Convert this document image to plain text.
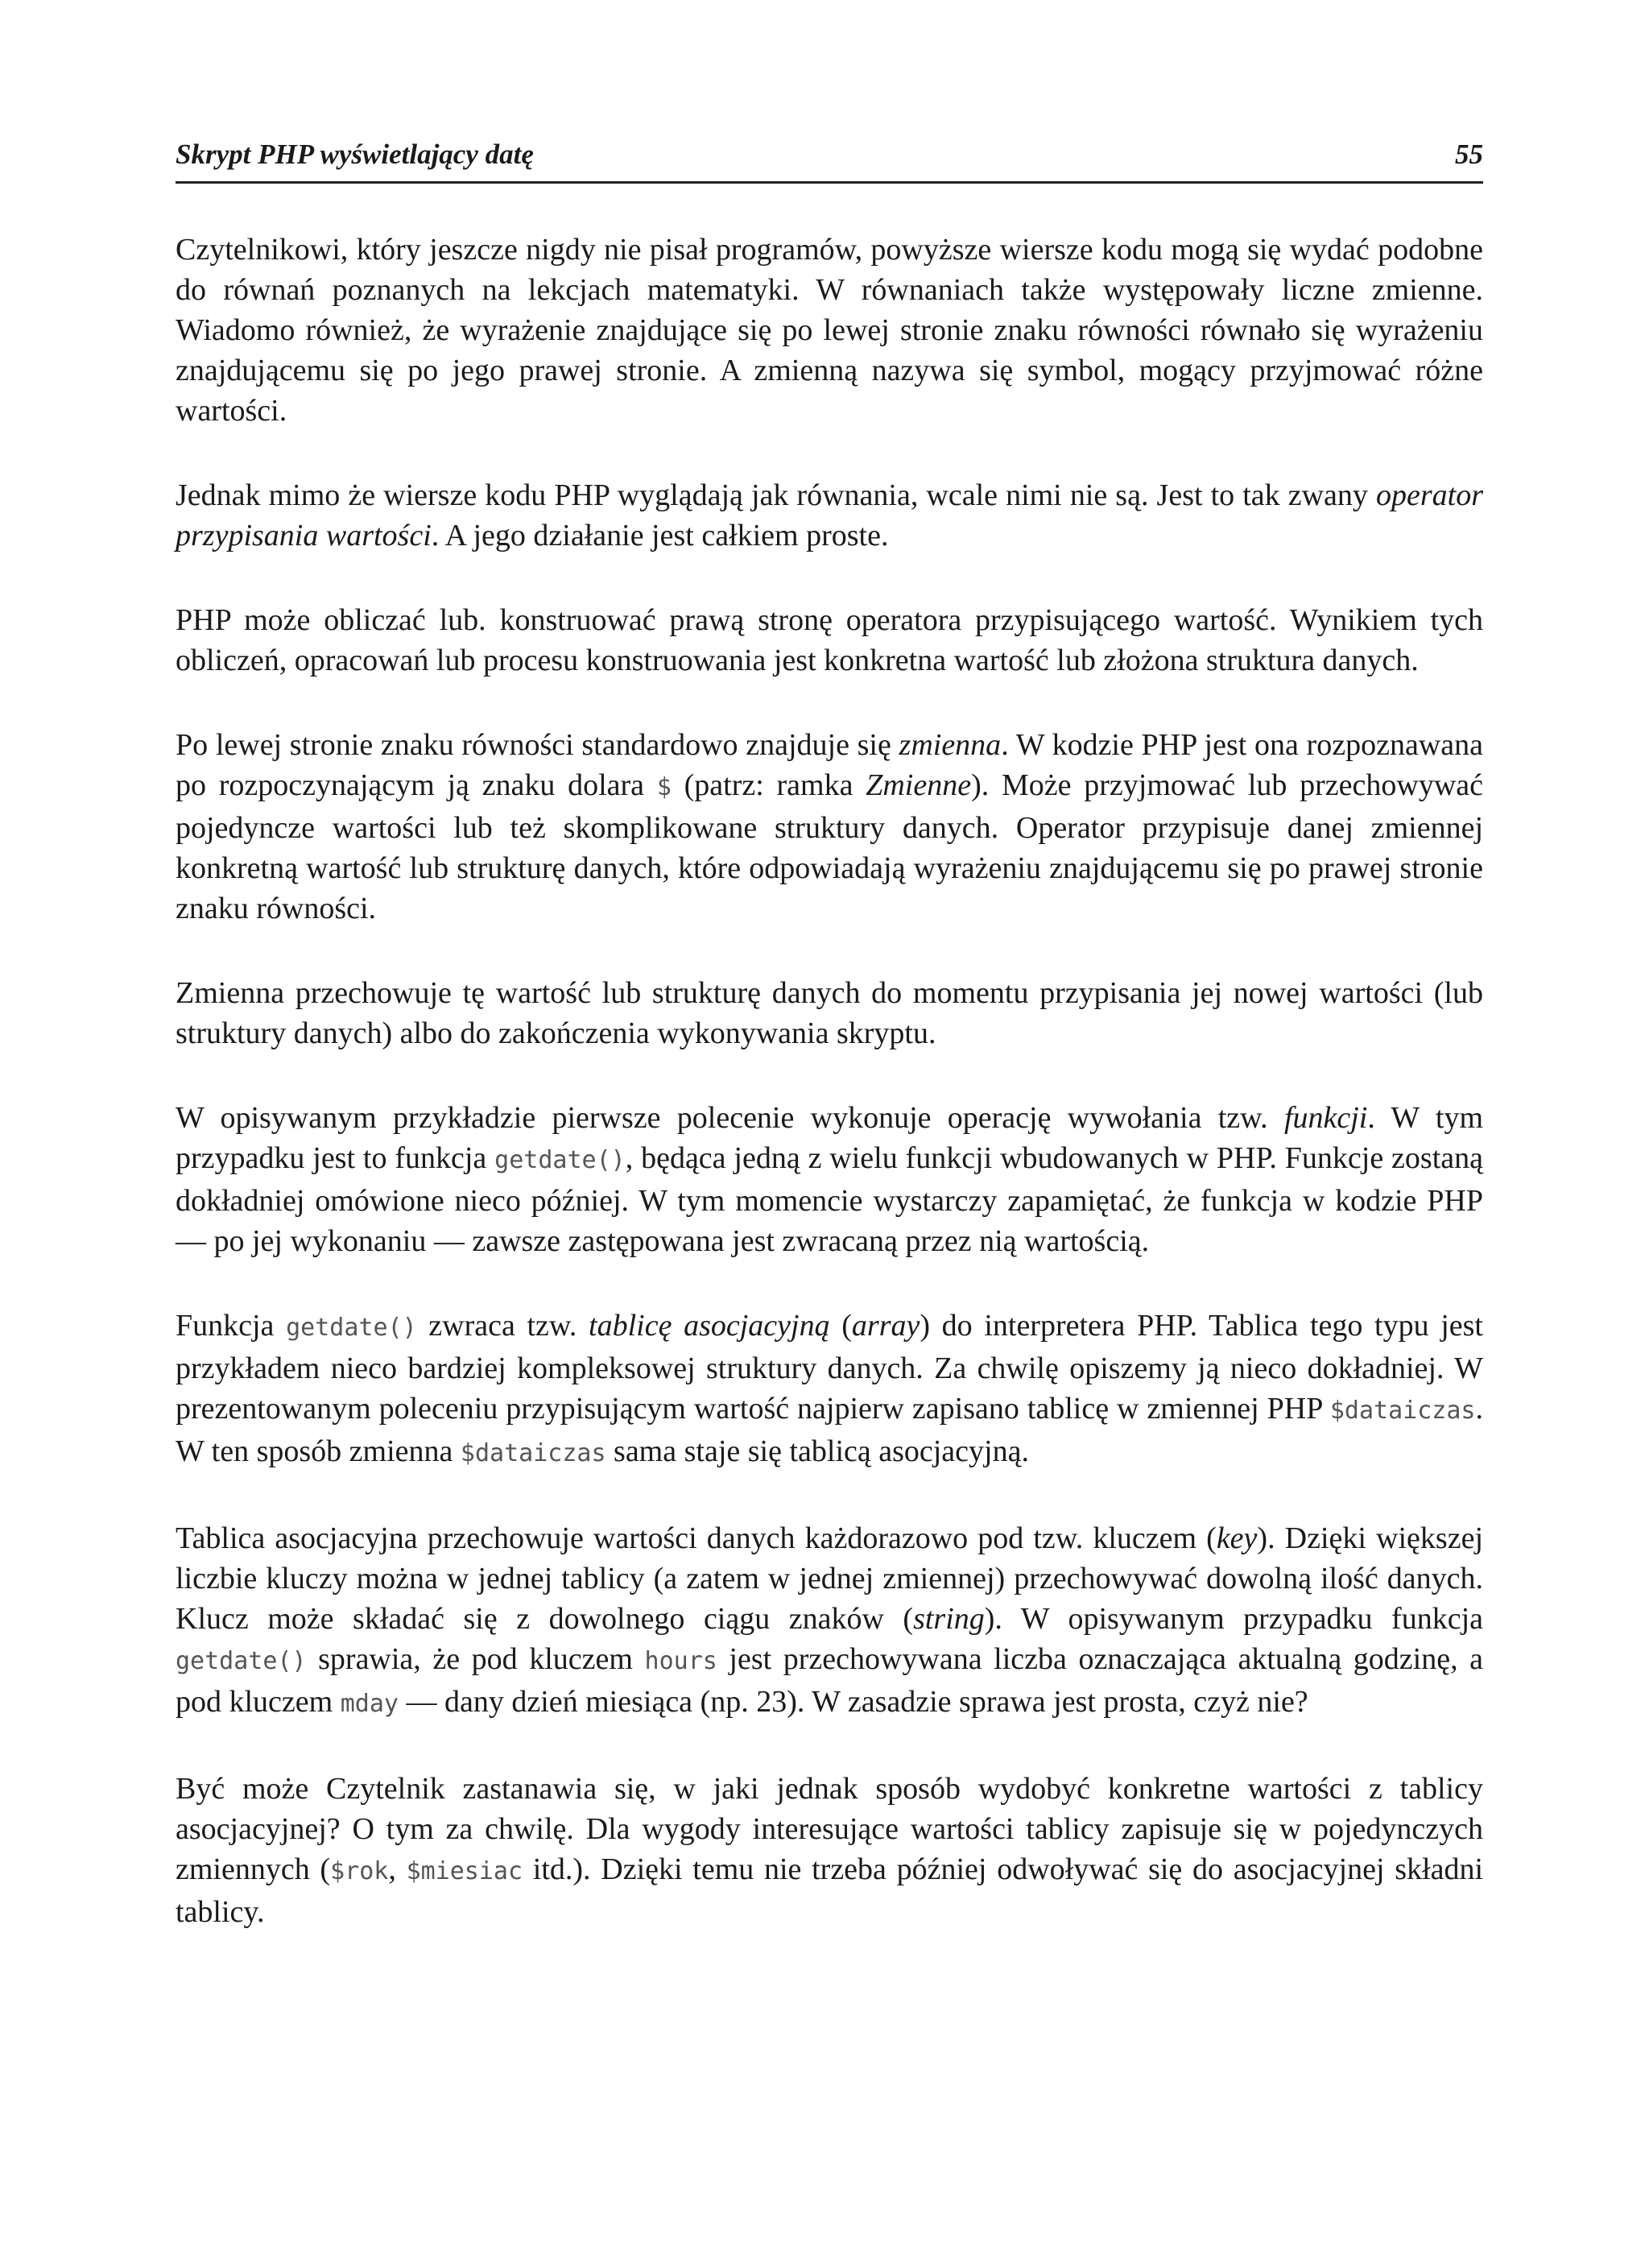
Skrypt PHP wyświetlający datę	55

Czytelnikowi, który jeszcze nigdy nie pisał programów, powyższe wiersze kodu mogą się wydać podobne do równań poznanych na lekcjach matematyki. W równaniach także występowały liczne zmienne. Wiadomo również, że wyrażenie znajdujące się po lewej stronie znaku równości równało się wyrażeniu znajdującemu się po jego prawej stronie. A zmienną nazywa się symbol, mogący przyjmować różne wartości.

Jednak mimo że wiersze kodu PHP wyglądają jak równania, wcale nimi nie są. Jest to tak zwany operator przypisania wartości. A jego działanie jest całkiem proste.

PHP może obliczać lub. konstruować prawą stronę operatora przypisującego wartość. Wynikiem tych obliczeń, opracowań lub procesu konstruowania jest konkretna wartość lub złożona struktura danych.

Po lewej stronie znaku równości standardowo znajduje się zmienna. W kodzie PHP jest ona rozpoznawana po rozpoczynającym ją znaku dolara $ (patrz: ramka Zmienne). Może przyjmować lub przechowywać pojedyncze wartości lub też skomplikowane struktury danych. Operator przypisuje danej zmiennej konkretną wartość lub strukturę danych, które odpowiadają wyrażeniu znajdującemu się po prawej stronie znaku równości.

Zmienna przechowuje tę wartość lub strukturę danych do momentu przypisania jej nowej wartości (lub struktury danych) albo do zakończenia wykonywania skryptu.

W opisywanym przykładzie pierwsze polecenie wykonuje operację wywołania tzw. funkcji. W tym przypadku jest to funkcja getdate(), będąca jedną z wielu funkcji wbudowanych w PHP. Funkcje zostaną dokładniej omówione nieco później. W tym momencie wystarczy zapamiętać, że funkcja w kodzie PHP — po jej wykonaniu — zawsze zastępowana jest zwracaną przez nią wartością.

Funkcja getdate() zwraca tzw. tablicę asocjacyjną (array) do interpretera PHP. Tablica tego typu jest przykładem nieco bardziej kompleksowej struktury danych. Za chwilę opiszemy ją nieco dokładniej. W prezentowanym poleceniu przypisującym wartość najpierw zapisano tablicę w zmiennej PHP $dataiczas. W ten sposób zmienna $dataiczas sama staje się tablicą asocjacyjną.

Tablica asocjacyjna przechowuje wartości danych każdorazowo pod tzw. kluczem (key). Dzięki większej liczbie kluczy można w jednej tablicy (a zatem w jednej zmiennej) przechowywać dowolną ilość danych. Klucz może składać się z dowolnego ciągu znaków (string). W opisywanym przypadku funkcja getdate() sprawia, że pod kluczem hours jest przechowywana liczba oznaczająca aktualną godzinę, a pod kluczem mday — dany dzień miesiąca (np. 23). W zasadzie sprawa jest prosta, czyż nie?

Być może Czytelnik zastanawia się, w jaki jednak sposób wydobyć konkretne wartości z tablicy asocjacyjnej? O tym za chwilę. Dla wygody interesujące wartości tablicy zapisuje się w pojedynczych zmiennych ($rok, $miesiac itd.). Dzięki temu nie trzeba później odwoływać się do asocjacyjnej składni tablicy.
